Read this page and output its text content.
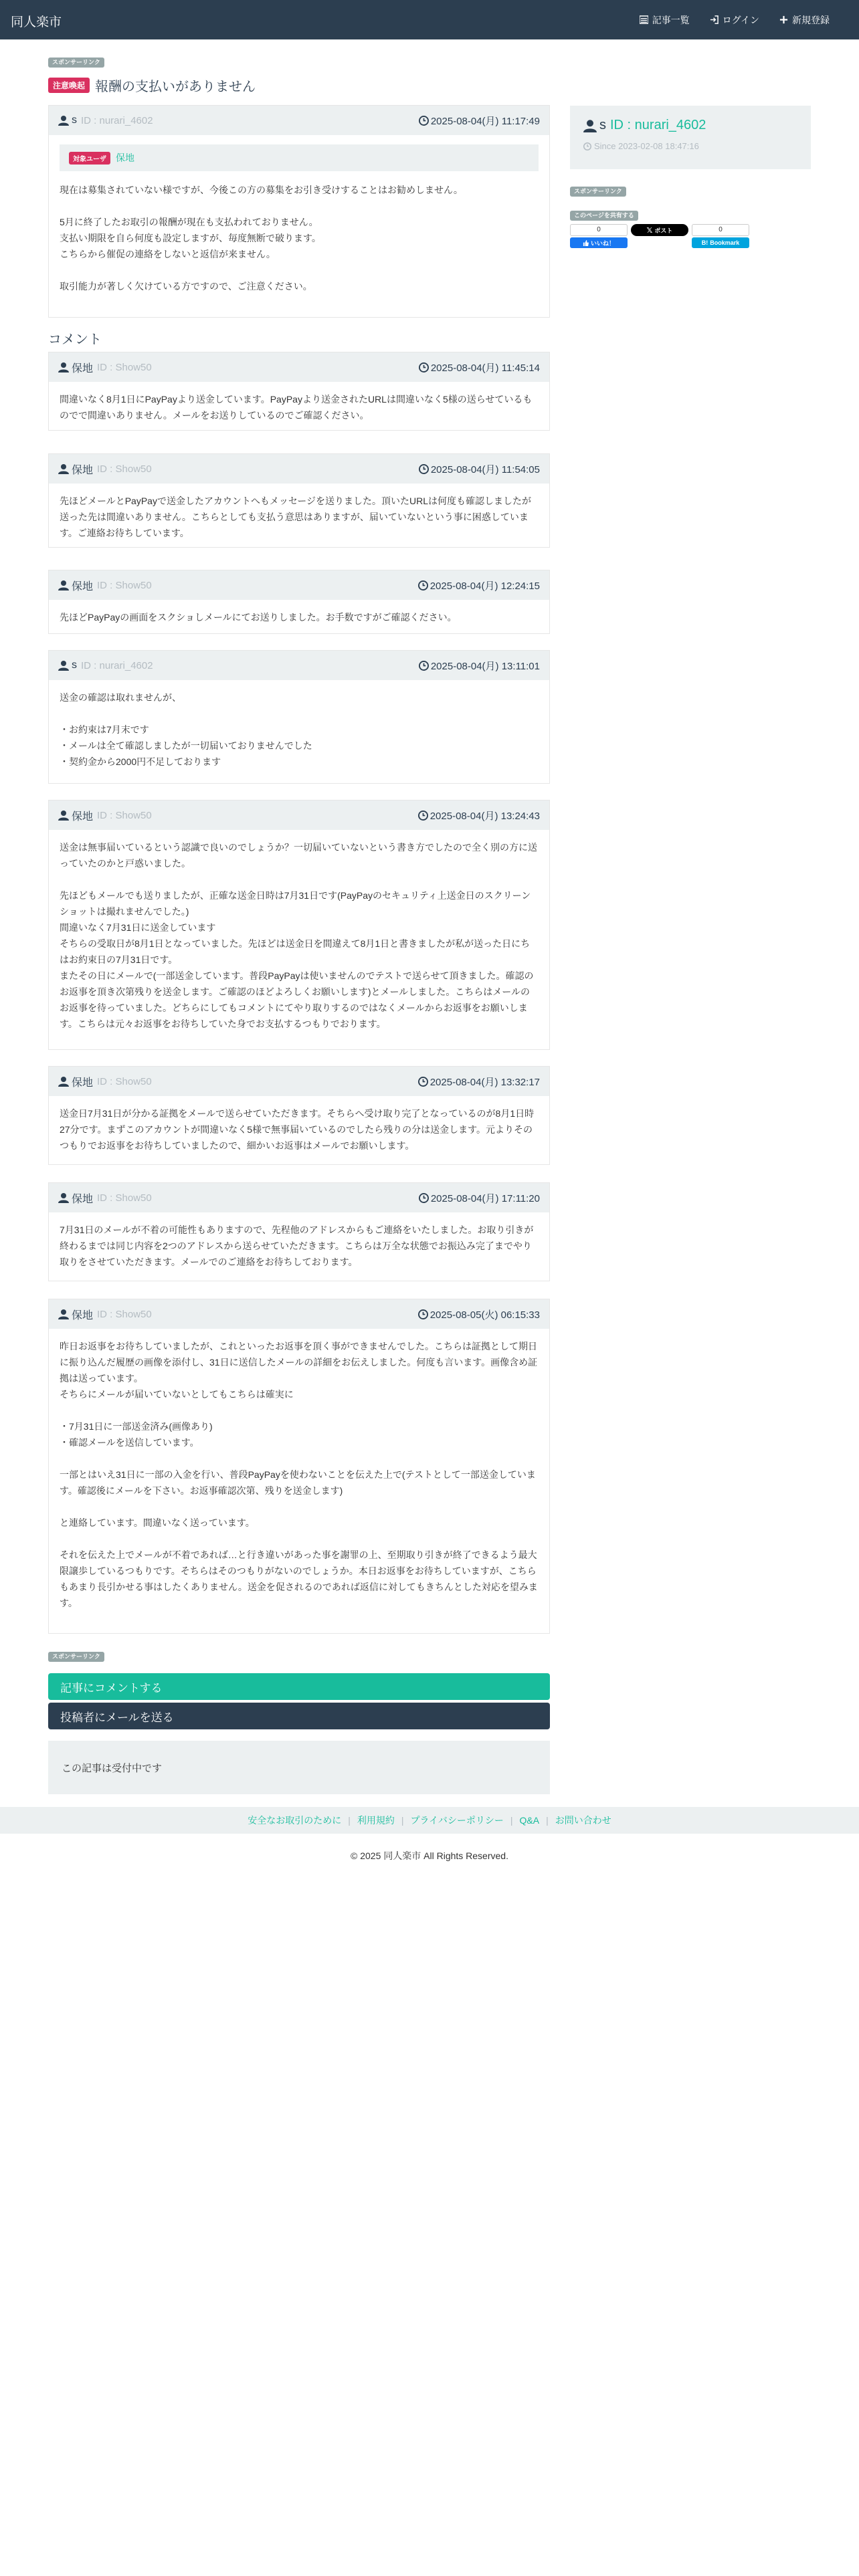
同人楽市	記事一覧	ログイン	新規登録
スポンサーリンク
注意喚起 報酬の支払いがありません
s ID : nurari_4602	2025-08-04(月) 11:17:49
対象ユーザ	保地
現在は募集されていない様ですが、今後この方の募集をお引き受けすることはお勧めしません。

5月に終了したお取引の報酬が現在も支払われておりません。
支払い期限を自ら何度も設定しますが、毎度無断で破ります。
こちらから催促の連絡をしないと返信が来ません。

取引能力が著しく欠けている方ですので、ご注意ください。
コメント
保地 ID : Show50	2025-08-04(月) 11:45:14
間違いなく8月1日にPayPayより送金しています。PayPayより送金されたURLは間違いなく5様の送らせているものでで間違いありません。メールをお送りしているのでご確認ください。
保地 ID : Show50	2025-08-04(月) 11:54:05
先ほどメールとPayPayで送金したアカウントへもメッセージを送りました。頂いたURLは何度も確認しましたが送った先は間違いありません。こちらとしても支払う意思はありますが、届いていないという事に困惑しています。ご連絡お待ちしています。
保地 ID : Show50	2025-08-04(月) 12:24:15
先ほどPayPayの画面をスクショしメールにてお送りしました。お手数ですがご確認ください。
s ID : nurari_4602	2025-08-04(月) 13:11:01
送金の確認は取れませんが、

・お約束は7月末です
・メールは全て確認しましたが一切届いておりませんでした
・契約金から2000円不足しております
保地 ID : Show50	2025-08-04(月) 13:24:43
送金は無事届いているという認識で良いのでしょうか？一切届いていないという書き方でしたので全く別の方に送っていたのかと戸惑いました。

先ほどもメールでも送りましたが、正確な送金日時は7月31日です(PayPayのセキュリティ上送金日のスクリーンショットは撮れませんでした。)
間違いなく7月31日に送金しています
そちらの受取日が8月1日となっていました。先ほどは送金日を間違えて8月1日と書きましたが私が送った日にちはお約束日の7月31日です。
またその日にメールで(一部送金しています。普段PayPayは使いませんのでテストで送らせて頂きました。確認のお返事を頂き次第残りを送金します。ご確認のほどよろしくお願いします)とメールしました。こちらはメールのお返事を待っていました。どちらにしてもコメントにてやり取りするのではなくメールからお返事をお願いします。こちらは元々お返事をお待ちしていた身でお支払するつもりでおります。
保地 ID : Show50	2025-08-04(月) 13:32:17
送金日7月31日が分かる証拠をメールで送らせていただきます。そちらへ受け取り完了となっているのが8月1日時27分です。まずこのアカウントが間違いなく5様で無事届いているのでしたら残りの分は送金します。元よりそのつもりでお返事をお待ちしていましたので、細かいお返事はメールでお願いします。
保地 ID : Show50	2025-08-04(月) 17:11:20
7月31日のメールが不着の可能性もありますので、先程他のアドレスからもご連絡をいたしました。お取り引きが終わるまでは同じ内容を2つのアドレスから送らせていただきます。こちらは万全な状態でお振込み完了までやり取りをさせていただきます。メールでのご連絡をお待ちしております。
保地 ID : Show50	2025-08-05(火) 06:15:33
昨日お返事をお待ちしていましたが、これといったお返事を頂く事ができませんでした。こちらは証拠として期日に振り込んだ履歴の画像を添付し、31日に送信したメールの詳細をお伝えしました。何度も言います。画像含め証拠は送っています。
そちらにメールが届いていないとしてもこちらは確実に

・7月31日に一部送金済み(画像あり)
・確認メールを送信しています。

一部とはいえ31日に一部の入金を行い、普段PayPayを使わないことを伝えた上で(テストとして一部送金しています。確認後にメールを下さい。お返事確認次第、残りを送金します)

と連絡しています。間違いなく送っています。

それを伝えた上でメールが不着であれば…と行き違いがあった事を謝罪の上、至期取り引きが終了できるよう最大限譲歩しているつもりです。そちらはそのつもりがないのでしょうか。本日お返事をお待ちしていますが、こちらもあまり長引かせる事はしたくありません。送金を促されるのであれば返信に対してもきちんとした対応を望みます。
スポンサーリンク
記事にコメントする
投稿者にメールを送る
この記事は受付中です
s ID : nurari_4602
Since 2023-02-08 18:47:16
スポンサーリンク
このページを共有する
0
いいね！
𝕏 ポスト	0
B! Bookmark
安全なお取引のために | 利用規約 | プライバシーポリシー | Q&A | お問い合わせ
© 2025 同人楽市 All Rights Reserved.
